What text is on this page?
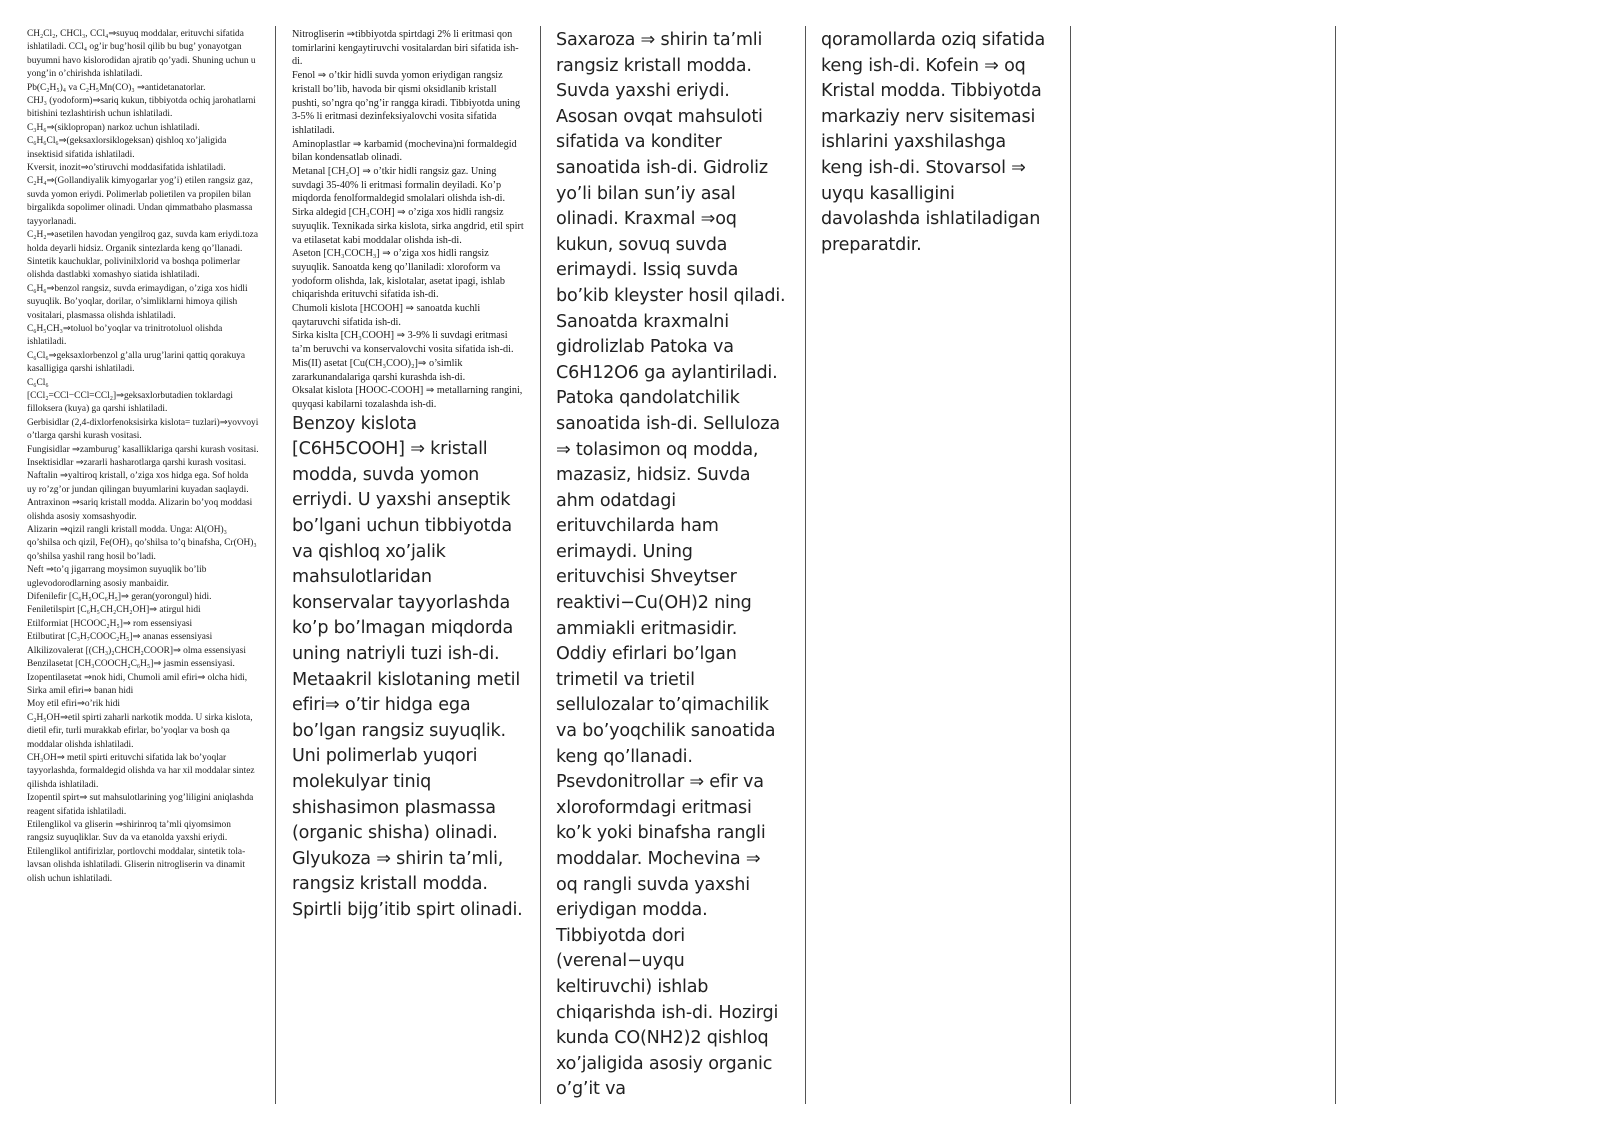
CH₂Cl₂, CHCl₃, CCl₄⇒suyuq moddalar, erituvchi sifatida ishlatiladi. CCl₄ og’ir bug’hosil qilib bu bug’ yonayotgan buyumni havo kislorodidan ajratib qo’yadi. Shuning uchun u yong’in o’chirishda ishlatiladi.

Pb(C₂H₅)₄ va C₂H₅Mn(CO)₃ ⇒antidetanatorlar.

CHJ₃ (yodoform)⇒sariq kukun, tibbiyotda ochiq jarohatlarni bitishini tezlashtirish uchun ishlatiladi.

C₃H₆⇒(siklopropan) narkoz uchun ishlatiladi.

C₆H₆Cl₆⇒(geksaxlorsiklogeksan) qishloq xo’jaligida insektisid sifatida ishlatiladi.

Kversit, inozit⇒o’stiruvchi moddasifatida ishlatiladi.

C₂H₄⇒(Gollandiyalik kimyogarlar yog’i) etilen rangsiz gaz, suvda yomon eriydi. Polimerlab polietilen va propilen bilan birgalikda sopolimer olinadi. Undan qimmatbaho plasmassa tayyorlanadi.

C₂H₂⇒asetilen havodan yengilroq gaz, suvda kam eriydi.toza holda deyarli hidsiz. Organik sintezlarda keng qo’llanadi. Sintetik kauchuklar, polivinilxlorid va boshqa polimerlar olishda dastlabki xomashyo siatida ishlatiladi.

C₆H₆⇒benzol rangsiz, suvda erimaydigan, o’ziga xos hidli suyuqlik. Bo’yoqlar, dorilar, o’simliklarni himoya qilish vositalari, plasmassa olishda ishlatiladi.

C₆H₅CH₃⇒toluol bo’yoqlar va trinitrotoluol olishda ishlatiladi.

C₆Cl₆⇒geksaxlorbenzol g’alla urug’larini qattiq qorakuya kasalligiga qarshi ishlatiladi.

C₆Cl₆

[CCl₂=CCl−CCl=CCl₂]⇒geksaxlorbutadien toklardagi filloksera (kuya) ga qarshi ishlatiladi.

Gerbisidlar (2,4-dixlorfenoksisirka kislota= tuzlari)⇒yovvoyi o’tlarga qarshi kurash vositasi.

Fungisidlar ⇒zamburug’ kasalliklariga qarshi kurash vositasi.

Insektisidlar ⇒zararli hasharotlarga qarshi kurash vositasi.

Naftalin ⇒yaltiroq kristall, o’ziga xos hidga ega. Sof holda uy ro’zg’or jundan qilingan buyumlarini kuyadan saqlaydi.

Antraxinon ⇒sariq kristall modda. Alizarin bo’yoq moddasi olishda asosiy xomsashyodir.

Alizarin ⇒qizil rangli kristall modda. Unga: Al(OH)₃ qo’shilsa och qizil, Fe(OH)₃ qo’shilsa to’q binafsha, Cr(OH)₃ qo’shilsa yashil rang hosil bo’ladi.

Neft ⇒to’q jigarrang moysimon suyuqlik bo’lib uglevodorodlarning asosiy manbaidir.

Difenilefir [C₆H₅OC₆H₅]⇒ geran(yorongul) hidi.

Feniletilspirt [C₆H₅CH₂CH₂OH]⇒ atirgul hidi

Etilformiat [HCOOC₂H₅]⇒ rom essensiyasi

Etilbutirat [C₃H₇COOC₂H₅]⇒ ananas essensiyasi

Alkilizovalerat [(CH₃)₂CHCH₂COOR]⇒ olma essensiyasi

Benzilasetat [CH₃COOCH₂C₆H₅]⇒ jasmin essensiyasi.

Izopentilasetat ⇒nok hidi, Chumoli amil efiri⇒ olcha hidi, Sirka amil efiri⇒ banan hidi

Moy etil efiri⇒o’rik hidi

C₂H₅OH⇒etil spirti zaharli narkotik modda. U sirka kislota, dietil efir, turli murakkab efirlar, bo’yoqlar va bosh qa moddalar olishda ishlatiladi.

CH₃OH⇒ metil spirti erituvchi sifatida lak bo’yoqlar tayyorlashda, formaldegid olishda va har xil moddalar sintez qilishda ishlatiladi.

Izopentil spirt⇒ sut mahsulotlarining yog’liligini aniqlashda reagent sifatida ishlatiladi.

Etilenglikol va gliserin ⇒shirinroq ta’mli qiyomsimon rangsiz suyuqliklar. Suv da va etanolda yaxshi eriydi. Etilenglikol antifirizlar, portlovchi moddalar, sintetik tola-lavsan olishda ishlatiladi. Gliserin nitrogliserin va dinamit olish uchun ishlatiladi.

Nitrogliserin ⇒tibbiyotda spirtdagi 2% li eritmasi qon tomirlarini kengaytiruvchi vositalardan biri sifatida ish-di.

Fenol ⇒ o’tkir hidli suvda yomon eriydigan rangsiz kristall bo’lib, havoda bir qismi oksidlanib kristall pushti, so’ngra qo’ng’ir rangga kiradi. Tibbiyotda uning 3-5% li eritmasi dezinfeksiyalovchi vosita sifatida ishlatiladi.

Aminoplastlar ⇒ karbamid (mochevina)ni formaldegid bilan kondensatlab olinadi.

Metanal [CH₂O] ⇒ o’tkir hidli rangsiz gaz. Uning suvdagi 35-40% li eritmasi formalin deyiladi. Ko’p miqdorda fenolformaldegid smolalari olishda ish-di.

Sirka aldegid [CH₃COH] ⇒ o’ziga xos hidli rangsiz suyuqlik. Texnikada sirka kislota, sirka angdrid, etil spirt va etilasetat kabi moddalar olishda ish-di.

Aseton [CH₃COCH₃] ⇒ o’ziga xos hidli rangsiz suyuqlik. Sanoatda keng qo’llaniladi: xloroform va yodoform olishda, lak, kislotalar, asetat ipagi, ishlab chiqarishda erituvchi sifatida ish-di.

Chumoli kislota [HCOOH] ⇒ sanoatda kuchli qaytaruvchi sifatida ish-di.

Sirka kislta [CH₃COOH] ⇒ 3-9% li suvdagi eritmasi ta’m beruvchi va konservalovchi vosita sifatida ish-di.

Mis(II) asetat [Cu(CH₃COO)₂]⇒ o’simlik zararkunandalariga qarshi kurashda ish-di.

Oksalat kislota [HOOC-COOH] ⇒ metallarning rangini, quyqasi kabilarni tozalashda ish-di.

Benzoy kislota [C6H5COOH] ⇒ kristall modda, suvda yomon erriydi. U yaxshi anseptik bo’lgani uchun tibbiyotda va qishloq xo’jalik mahsulotlaridan konservalar tayyorlashda ko’p bo’lmagan miqdorda uning natriyli tuzi ish-di. Metaakril kislotaning metil efiri⇒ o’tir hidga ega bo’lgan rangsiz suyuqlik. Uni polimerlab yuqori molekulyar tiniq shishasimon plasmassa (organic shisha) olinadi. Glyukoza ⇒ shirin ta’mli, rangsiz kristall modda. Spirtli bijg’itib spirt olinadi.

Saxaroza ⇒ shirin ta’mli rangsiz kristall modda. Suvda yaxshi eriydi. Asosan ovqat mahsuloti sifatida va konditer sanoatida ish-di. Gidroliz yo’li bilan sun’iy asal olinadi. Kraxmal ⇒oq kukun, sovuq suvda erimaydi. Issiq suvda bo’kib kleyster hosil qiladi. Sanoatda kraxmalni gidrolizlab Patoka va C6H12O6 ga aylantiriladi. Patoka qandolatchilik sanoatida ish-di. Selluloza ⇒ tolasimon oq modda, mazasiz, hidsiz. Suvda ahm odatdagi erituvchilarda ham erimaydi. Uning erituvchisi Shveytser reaktivi−Cu(OH)2 ning ammiakli eritmasidir. Oddiy efirlari bo’lgan trimetil va trietil sellulozalar to’qimachilik va bo’yoqchilik sanoatida keng qo’llanadi. Psevdonitrollar ⇒ efir va xloroformdagi eritmasi ko’k yoki binafsha rangli moddalar. Mochevina ⇒ oq rangli suvda yaxshi eriydigan modda. Tibbiyotda dori (verenal−uyqu keltiruvchi) ishlab chiqarishda ish-di. Hozirgi kunda CO(NH2)2 qishloq xo’jaligida asosiy organic o’g’it va

qoramollarda oziq sifatida keng ish-di. Kofein ⇒ oq Kristal modda. Tibbiyotda markaziy nerv sisitemasi ishlarini yaxshilashga keng ish-di. Stovarsol ⇒ uyqu kasalligini davolashda ishlatiladigan preparatdir.
